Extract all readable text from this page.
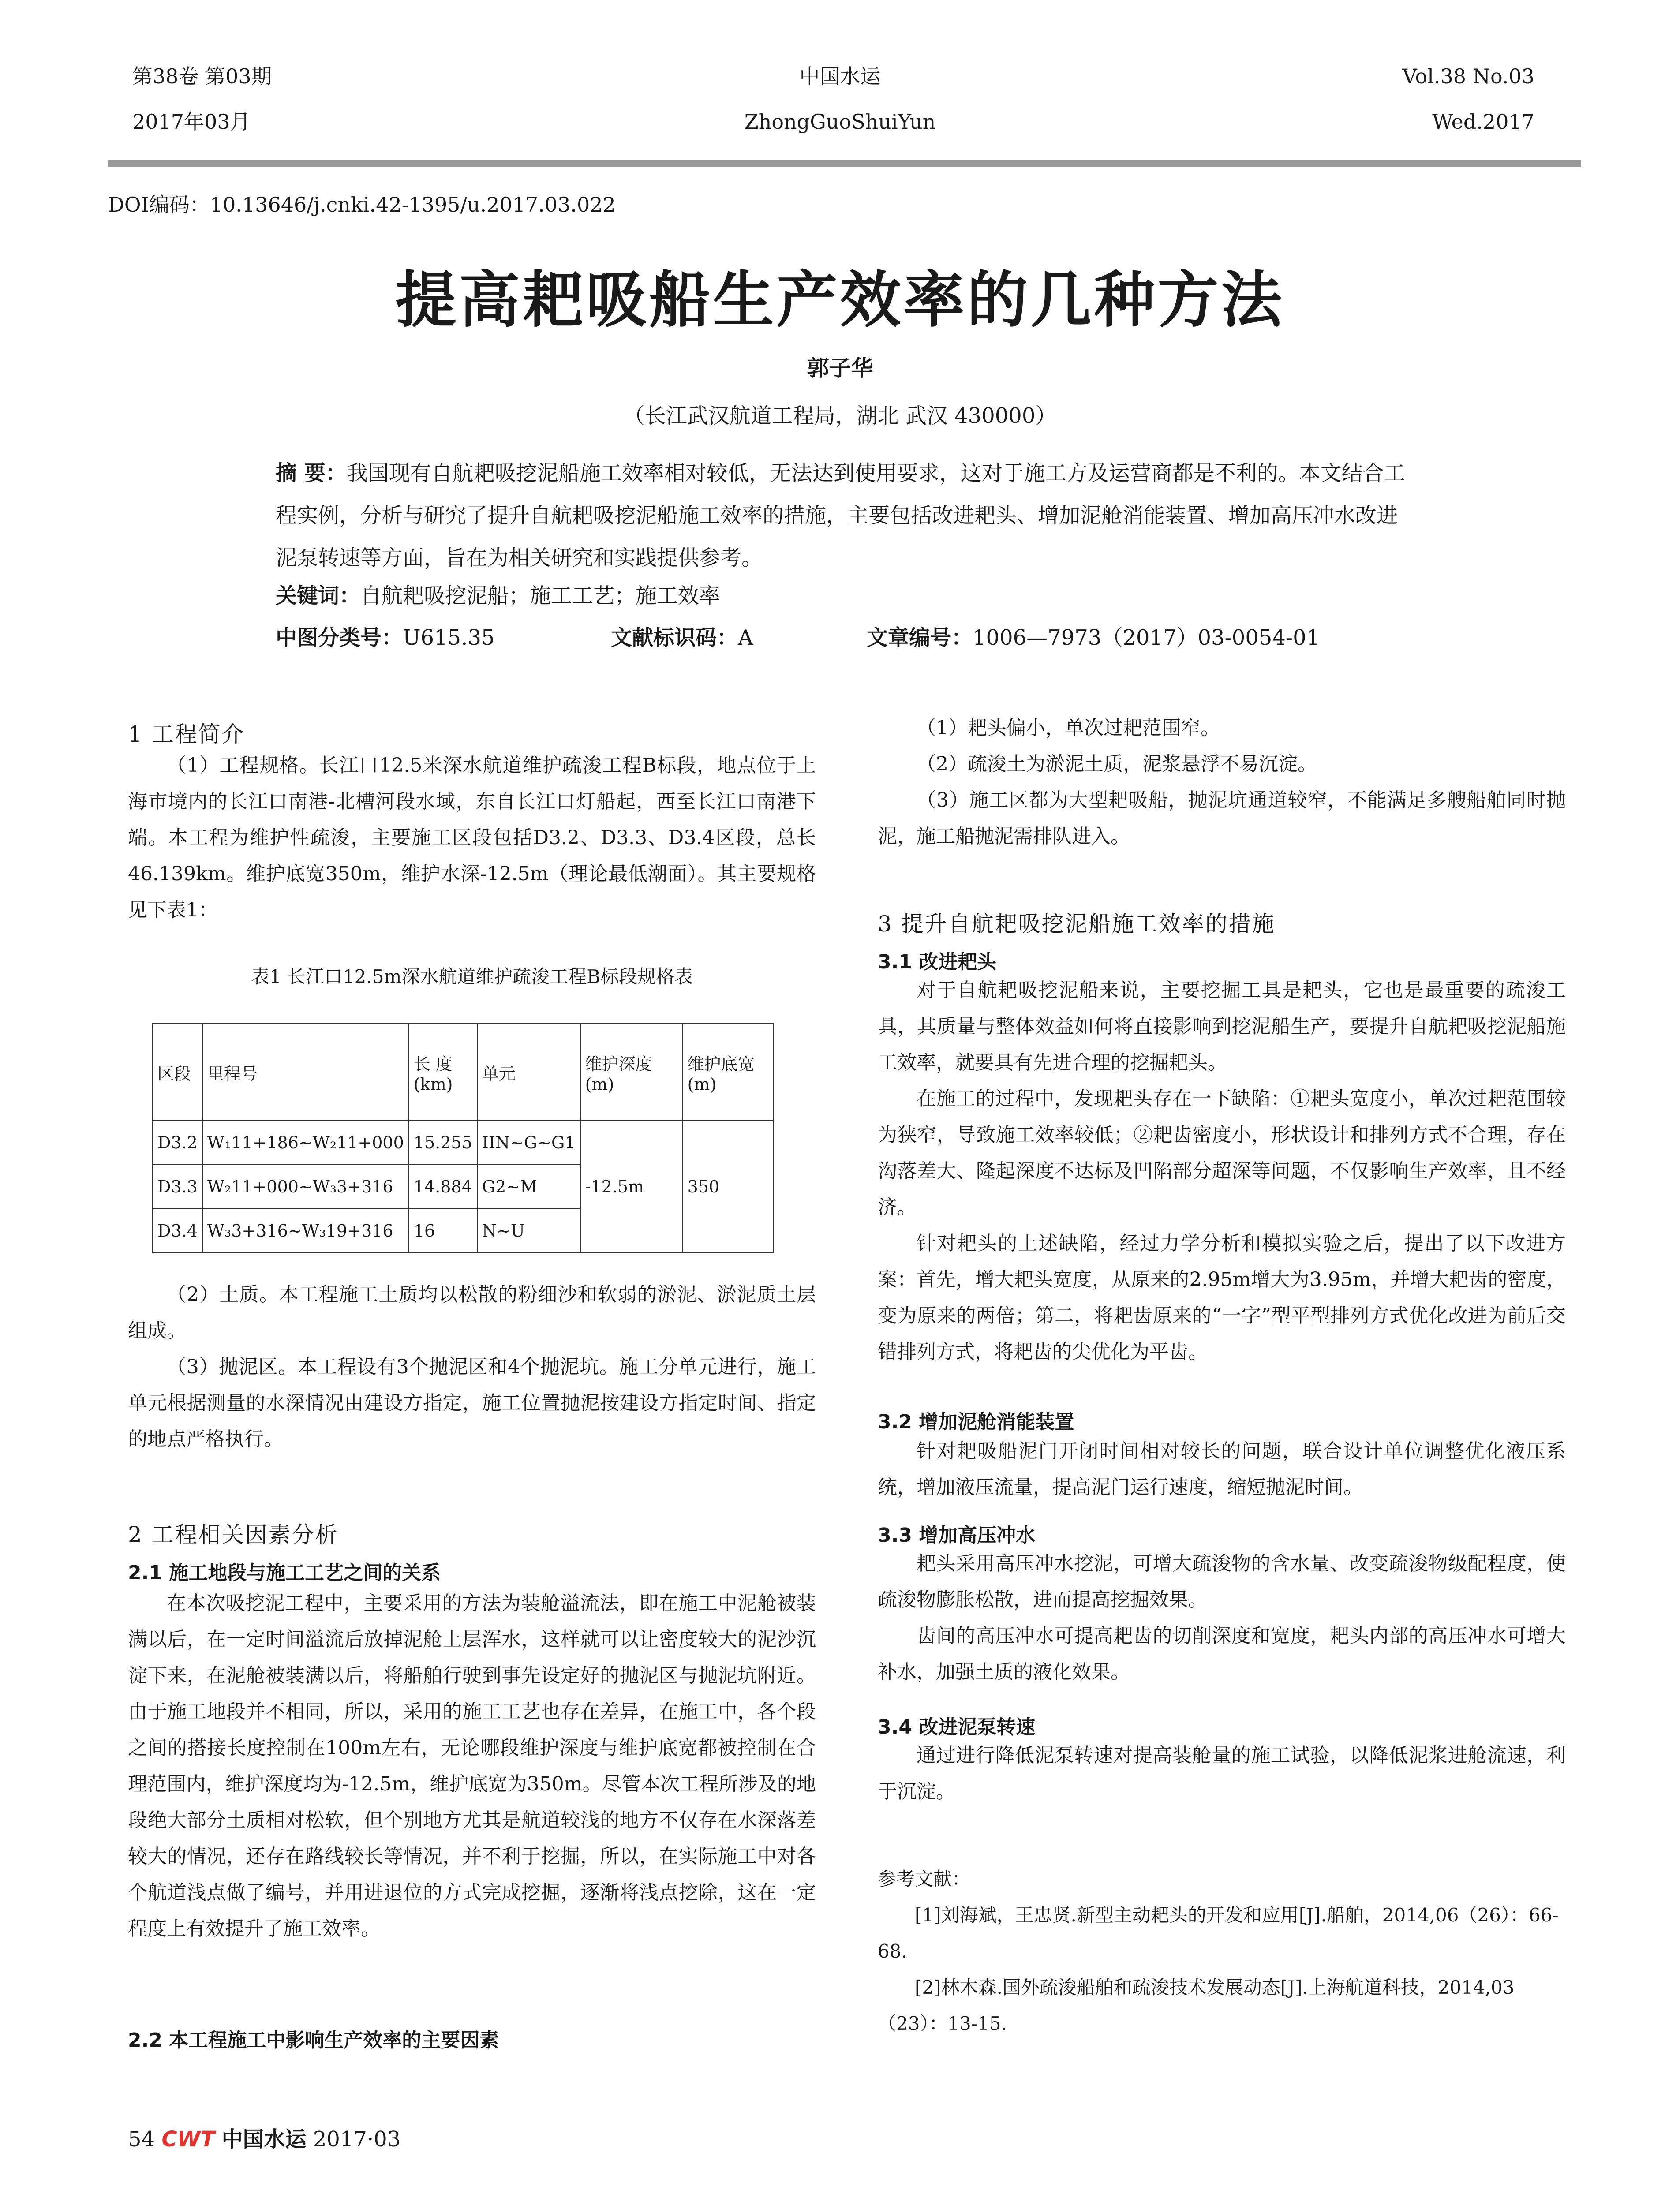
第38卷 第03期
2017年03月
中国水运
ZhongGuoShuiYun
Vol.38 No.03
Wed.2017
DOI编码：10.13646/j.cnki.42-1395/u.2017.03.022
提高耙吸船生产效率的几种方法
郭子华
（长江武汉航道工程局，湖北 武汉 430000）
摘 要：我国现有自航耙吸挖泥船施工效率相对较低，无法达到使用要求，这对于施工方及运营商都是不利的。本文结合工程实例，分析与研究了提升自航耙吸挖泥船施工效率的措施，主要包括改进耙头、增加泥舱消能装置、增加高压冲水改进泥泵转速等方面，旨在为相关研究和实践提供参考。
关键词：自航耙吸挖泥船；施工工艺；施工效率
中图分类号：U615.35	文献标识码：A	文章编号：1006—7973（2017）03-0054-01
1 工程简介

（1）工程规格。长江口12.5米深水航道维护疏浚工程B标段，地点位于上海市境内的长江口南港-北槽河段水域，东自长江口灯船起，西至长江口南港下端。本工程为维护性疏浚，主要施工区段包括D3.2、D3.3、D3.4区段，总长46.139km。维护底宽350m，维护水深-12.5m（理论最低潮面）。其主要规格见下表1：

表1 长江口12.5m深水航道维护疏浚工程B标段规格表
区段	里程号	长 度(km)	单元	维护深度(m)	维护底宽(m)
D3.2	W₁11+186~W₂11+000	15.255	IIN~G~G1	-12.5m	350
D3.3	W₂11+000~W₃3+316	14.884	G2~M		
D3.4	W₃3+316~W₃19+316	16	N~U		

（2）土质。本工程施工土质均以松散的粉细沙和软弱的淤泥、淤泥质土层组成。

（3）抛泥区。本工程设有3个抛泥区和4个抛泥坑。施工分单元进行，施工单元根据测量的水深情况由建设方指定，施工位置抛泥按建设方指定时间、指定的地点严格执行。

2 工程相关因素分析
2.1 施工地段与施工工艺之间的关系

在本次吸挖泥工程中，主要采用的方法为装舱溢流法，即在施工中泥舱被装满以后，在一定时间溢流后放掉泥舱上层浑水，这样就可以让密度较大的泥沙沉淀下来，在泥舱被装满以后，将船舶行驶到事先设定好的抛泥区与抛泥坑附近。由于施工地段并不相同，所以，采用的施工工艺也存在差异，在施工中，各个段之间的搭接长度控制在100m左右，无论哪段维护深度与维护底宽都被控制在合理范围内，维护深度均为-12.5m，维护底宽为350m。尽管本次工程所涉及的地段绝大部分土质相对松软，但个别地方尤其是航道较浅的地方不仅存在水深落差较大的情况，还存在路线较长等情况，并不利于挖掘，所以，在实际施工中对各个航道浅点做了编号，并用进退位的方式完成挖掘，逐渐将浅点挖除，这在一定程度上有效提升了施工效率。

2.2 本工程施工中影响生产效率的主要因素

（1）耙头偏小，单次过耙范围窄。

（2）疏浚土为淤泥土质，泥浆悬浮不易沉淀。

（3）施工区都为大型耙吸船，抛泥坑通道较窄，不能满足多艘船舶同时抛泥，施工船抛泥需排队进入。

3 提升自航耙吸挖泥船施工效率的措施
3.1 改进耙头

对于自航耙吸挖泥船来说，主要挖掘工具是耙头，它也是最重要的疏浚工具，其质量与整体效益如何将直接影响到挖泥船生产，要提升自航耙吸挖泥船施工效率，就要具有先进合理的挖掘耙头。

在施工的过程中，发现耙头存在一下缺陷：①耙头宽度小，单次过耙范围较为狭窄，导致施工效率较低；②耙齿密度小，形状设计和排列方式不合理，存在沟落差大、隆起深度不达标及凹陷部分超深等问题，不仅影响生产效率，且不经济。

针对耙头的上述缺陷，经过力学分析和模拟实验之后，提出了以下改进方案：首先，增大耙头宽度，从原来的2.95m增大为3.95m，并增大耙齿的密度，变为原来的两倍；第二，将耙齿原来的“一字”型平型排列方式优化改进为前后交错排列方式，将耙齿的尖优化为平齿。

3.2 增加泥舱消能装置

针对耙吸船泥门开闭时间相对较长的问题，联合设计单位调整优化液压系统，增加液压流量，提高泥门运行速度，缩短抛泥时间。

3.3 增加高压冲水

耙头采用高压冲水挖泥，可增大疏浚物的含水量、改变疏浚物级配程度，使疏浚物膨胀松散，进而提高挖掘效果。

齿间的高压冲水可提高耙齿的切削深度和宽度，耙头内部的高压冲水可增大补水，加强土质的液化效果。

3.4 改进泥泵转速

通过进行降低泥泵转速对提高装舱量的施工试验，以降低泥浆进舱流速，利于沉淀。

参考文献：
[1]刘海斌，王忠贤.新型主动耙头的开发和应用[J].船舶，2014,06（26）：66-68.
[2]林木森.国外疏浚船舶和疏浚技术发展动态[J].上海航道科技，2014,03（23）：13-15.
54 CWT 中国水运 2017·03
